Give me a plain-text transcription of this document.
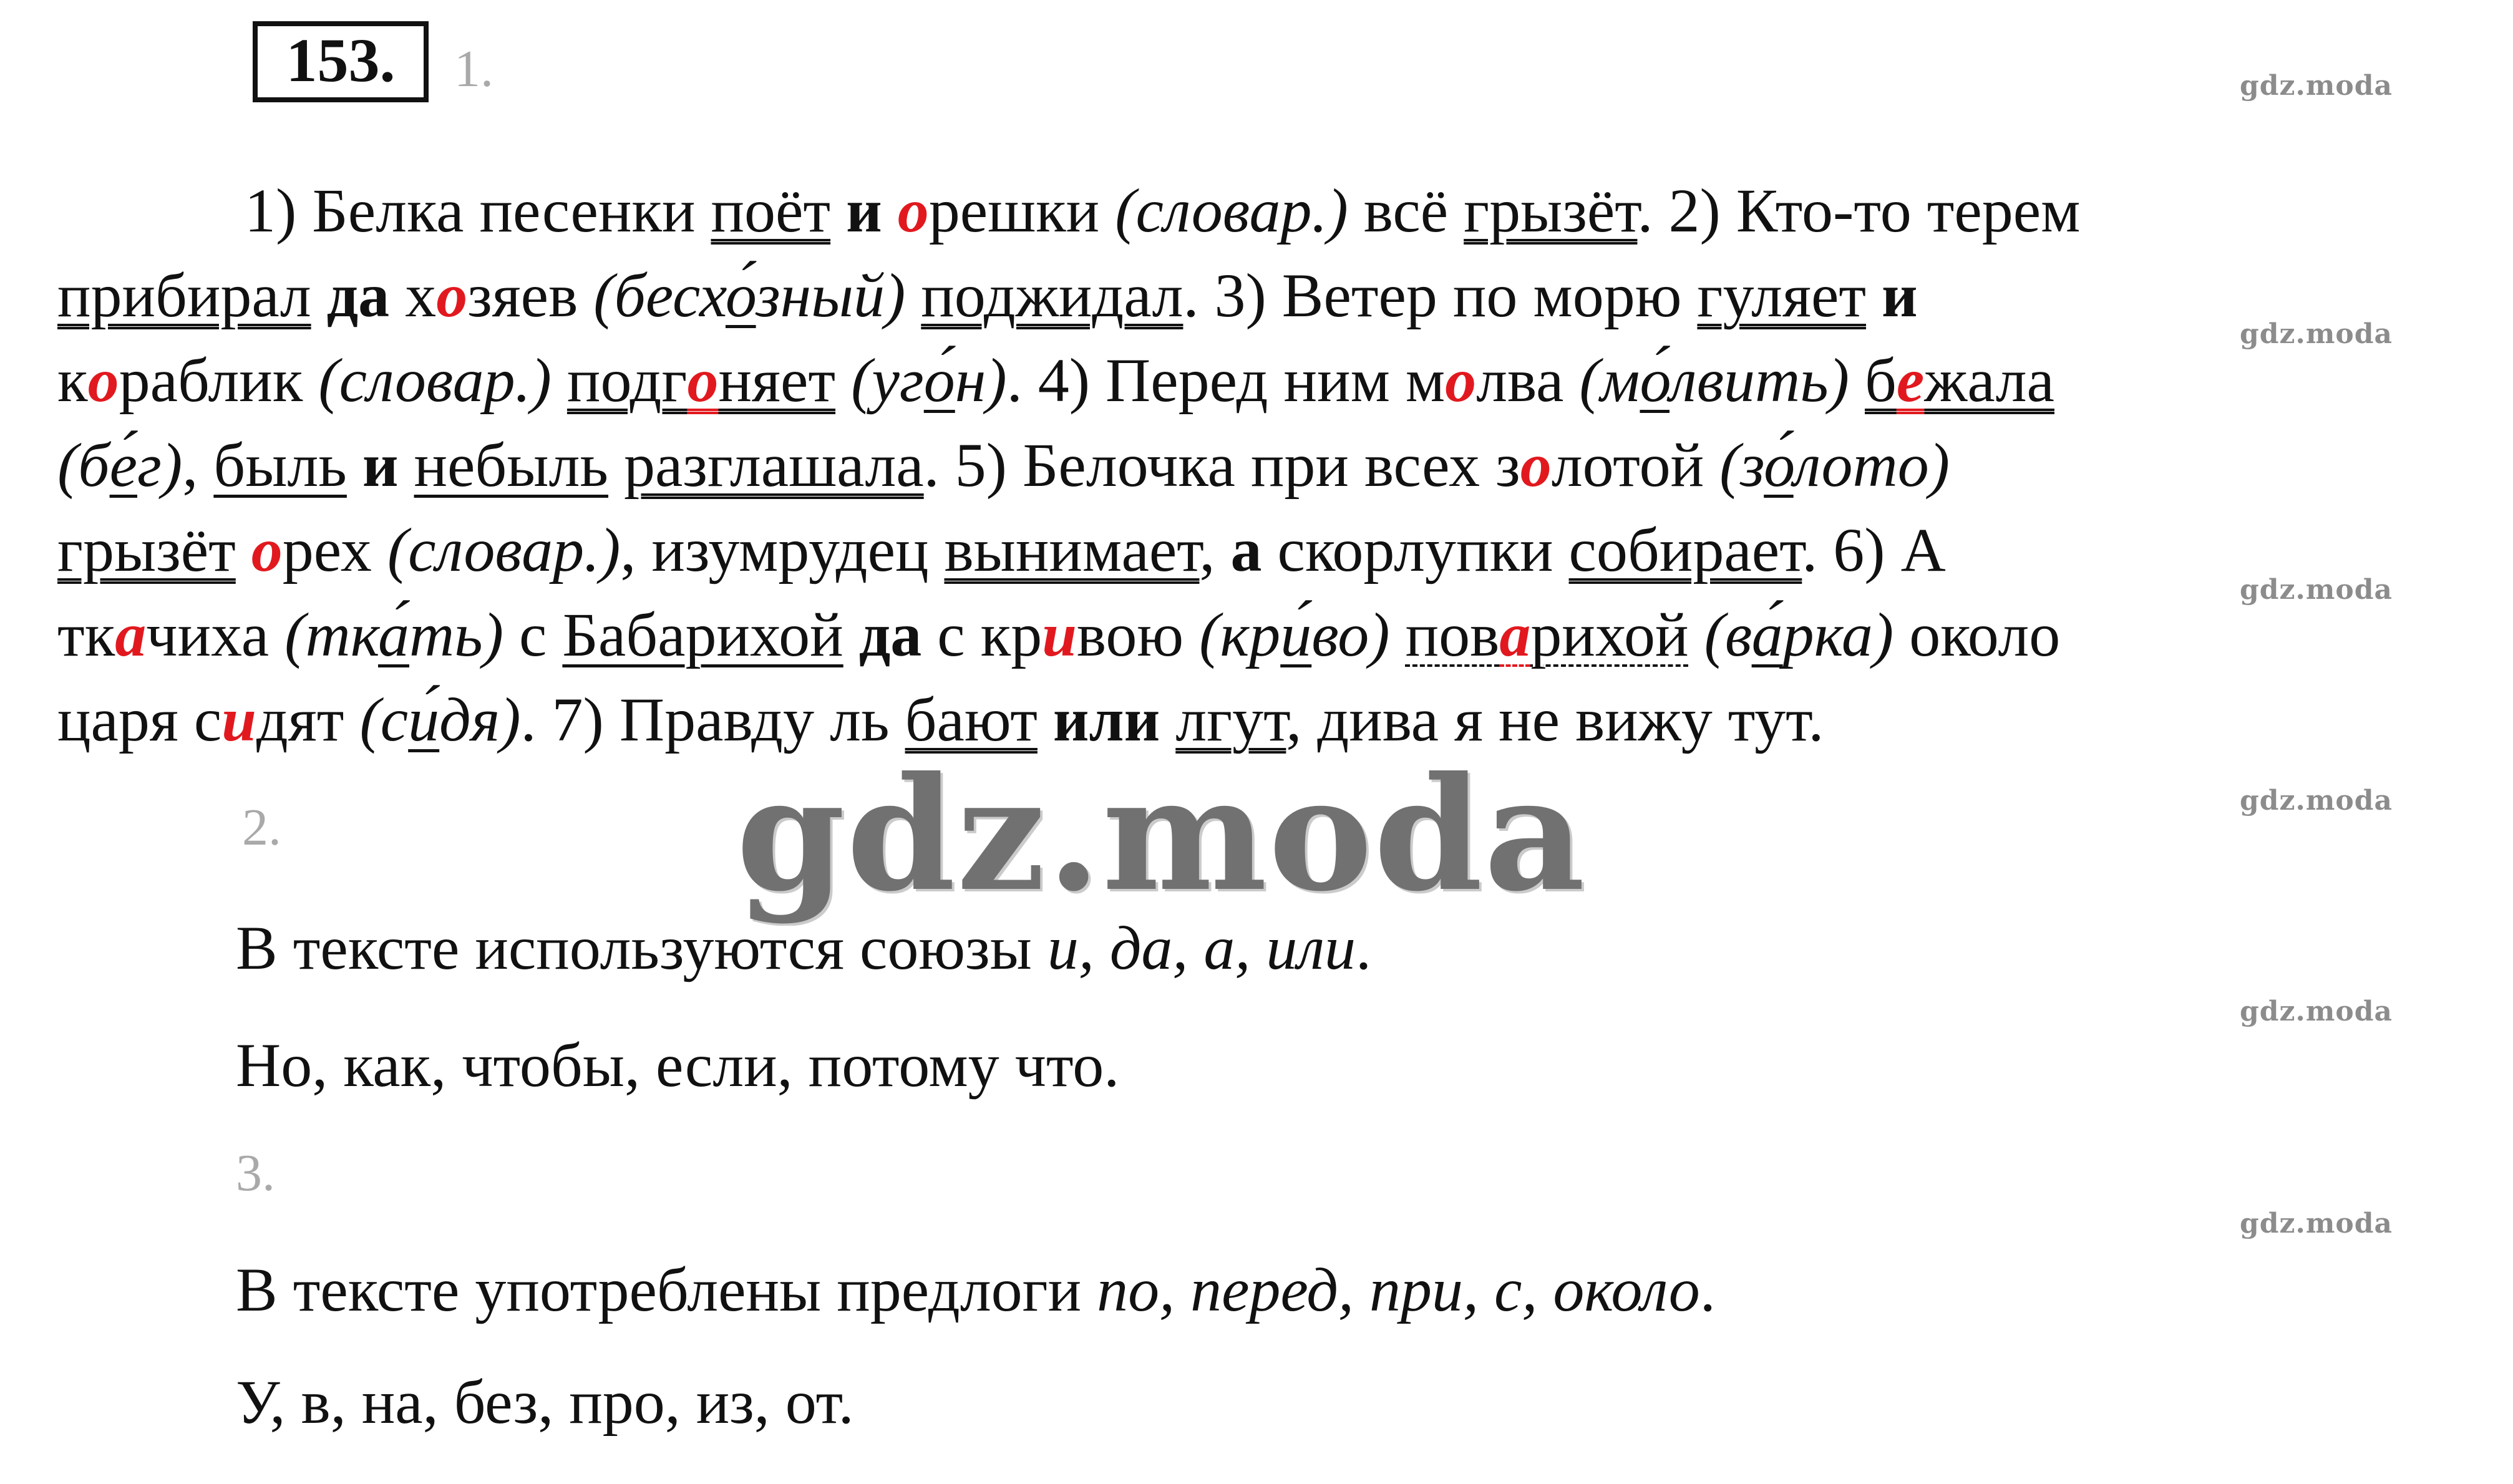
153.	1.	gdz.moda
gdz.moda
gdz.moda
gdz.moda
gdz.moda
gdz.moda
1) Белка песенки поёт и орешки (словар.) всё грызёт. 2) Кто-то терем
прибирал да хозяев (бесхо́зный) поджидал. 3) Ветер по морю гуляет и
кораблик (словар.) подгоняет (уго́н). 4) Перед ним молва (мо́лвить) бежала
(бе́г), быль и небыль разглашала. 5) Белочка при всех золотой (зо́лото)
грызёт орех (словар.), изумрудец вынимает, а скорлупки собирает. 6) А
ткачиха (тка́ть) с Бабарихой да с кривою (кри́во) поварихой (ва́рка) около
царя сидят (си́дя). 7) Правду ль бают или лгут, дива я не вижу тут.
2.
В тексте используются союзы и, да, а, или.
Но, как, чтобы, если, потому что.
3.
В тексте употреблены предлоги по, перед, при, с, около.
У, в, на, без, про, из, от.
gdz.moda
